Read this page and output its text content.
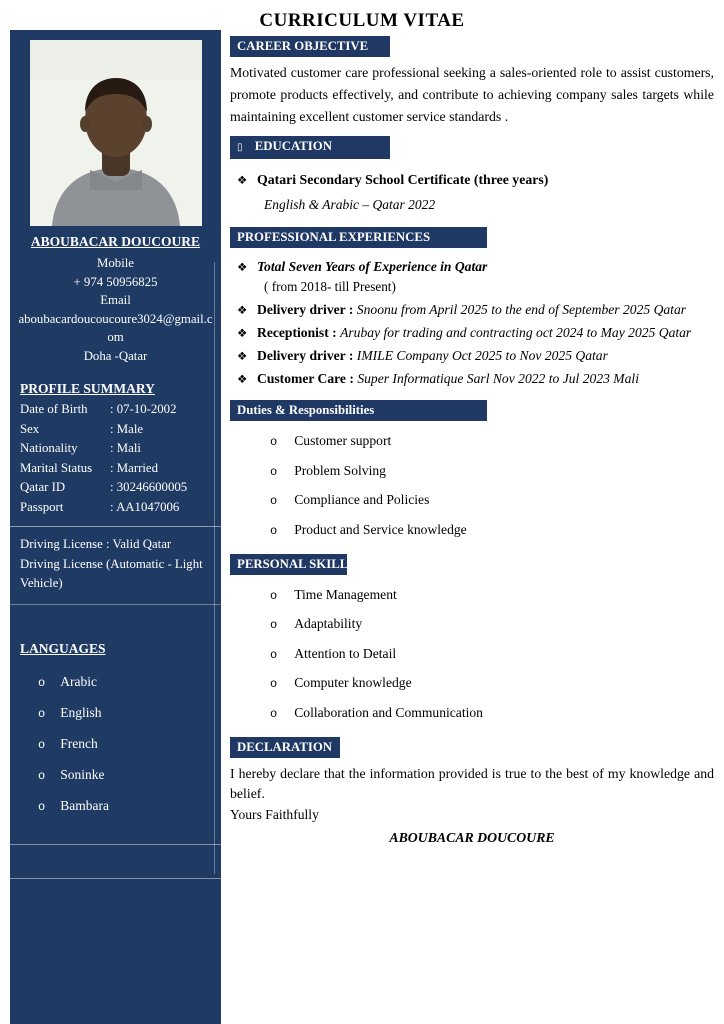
CURRICULUM VITAE
ABOUBACAR DOUCOURE
Mobile
+ 974 50956825
Email
aboubacardoucoucoure3024@gmail.com
Doha -Qatar
PROFILE SUMMARY
Date of Birth	: 07-10-2002
Sex	: Male
Nationality	: Mali
Marital Status	: Married
Qatar ID	: 30246600005
Passport	: AA1047006
Driving License : Valid Qatar
Driving License (Automatic - Light Vehicle)
LANGUAGES
o Arabic
o English
o French
o Soninke
o Bambara
CAREER OBJECTIVE

Motivated customer care professional seeking a sales-oriented role to assist customers, promote products effectively, and contribute to achieving company sales targets while maintaining excellent customer service standards .

▯ EDUCATION
❖ Qatari Secondary School Certificate (three years)
English & Arabic – Qatar 2022
PROFESSIONAL EXPERIENCES
❖ Total Seven Years of Experience in Qatar
( from 2018- till Present)
❖ Delivery driver : Snoonu from April 2025 to the end of September 2025 Qatar
❖ Receptionist : Arubay for trading and contracting oct 2024 to May 2025 Qatar
❖ Delivery driver : IMILE Company Oct 2025 to Nov 2025 Qatar
❖ Customer Care : Super Informatique Sarl Nov 2022 to Jul 2023 Mali
Duties & Responsibilities
o Customer support
o Problem Solving
o Compliance and Policies
o Product and Service knowledge
PERSONAL SKILLS
o Time Management
o Adaptability
o Attention to Detail
o Computer knowledge
o Collaboration and Communication
DECLARATION

I hereby declare that the information provided is true to the best of my knowledge and belief.

Yours Faithfully
ABOUBACAR DOUCOURE
